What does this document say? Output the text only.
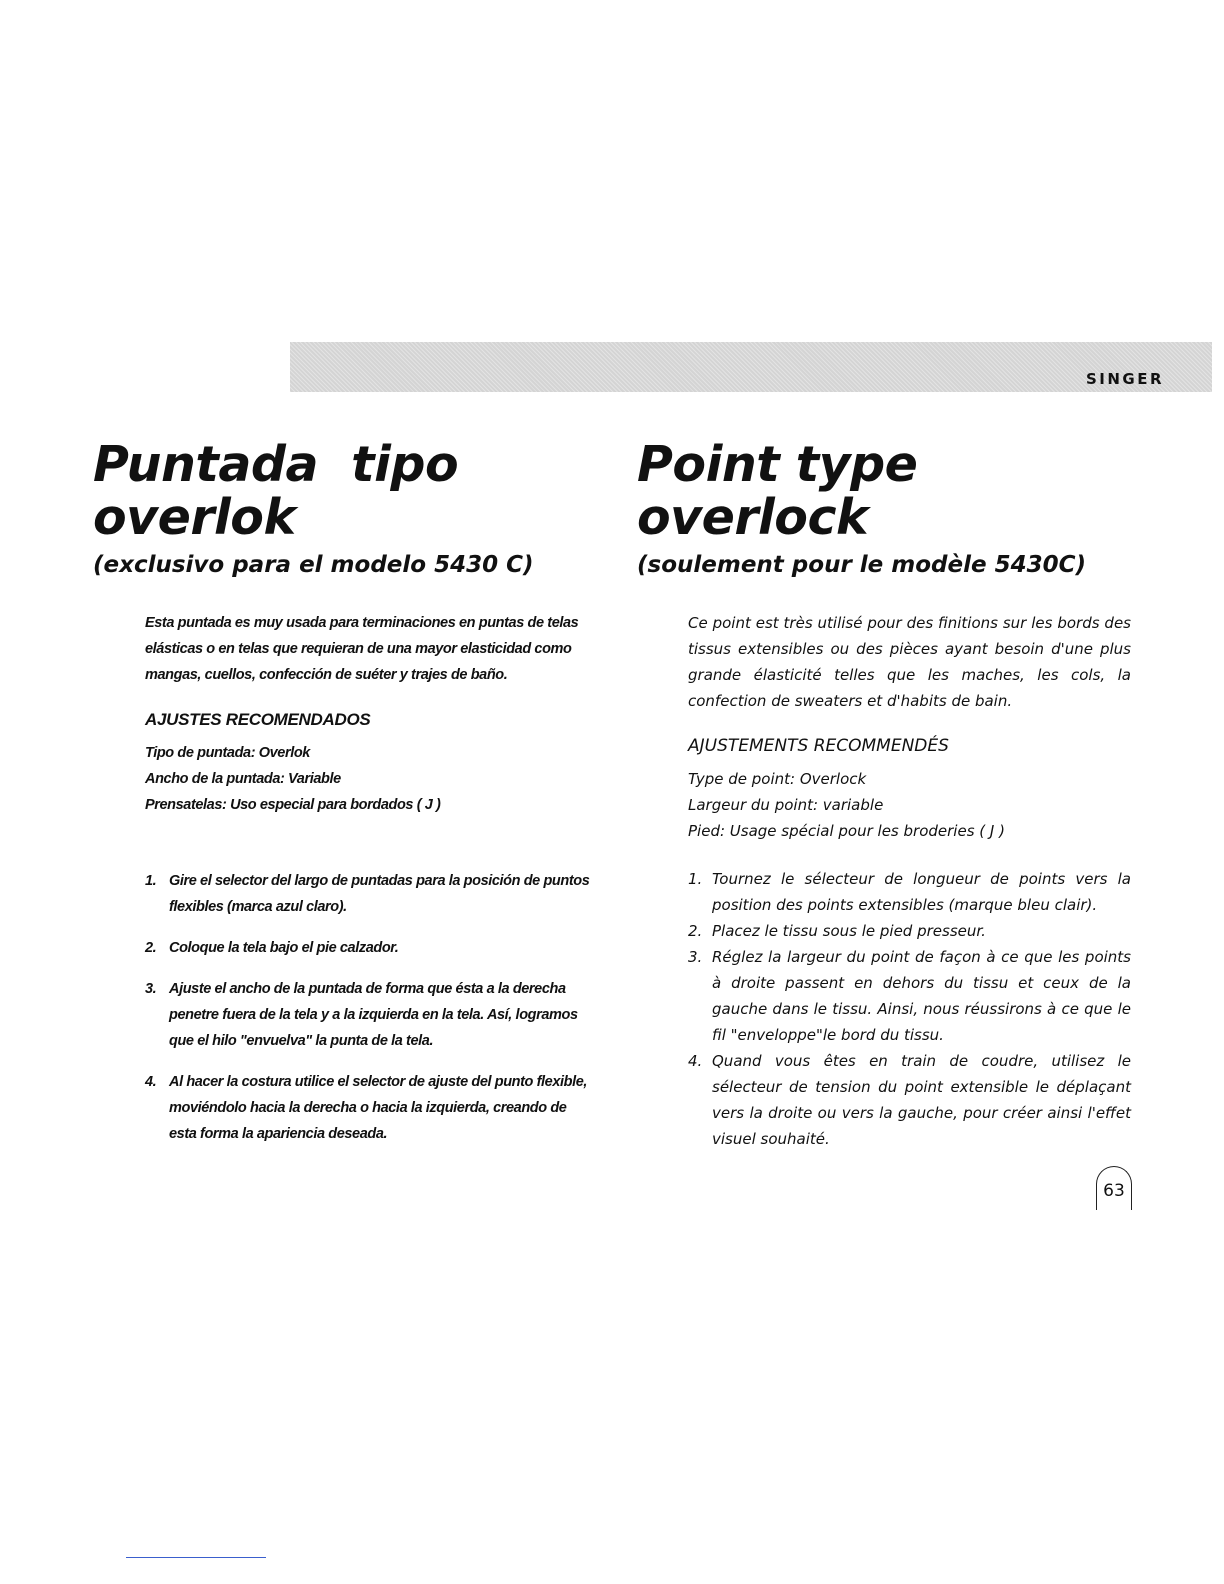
SINGER
Puntada  tipo
overlok

(exclusivo para el modelo 5430 C)

Point type
overlock

(soulement pour le modèle 5430C)

Esta puntada es muy usada para terminaciones en puntas de telas elásticas o en telas que requieran de una mayor elasticidad como mangas, cuellos, confección de suéter y trajes de baño.

AJUSTES RECOMENDADOS
Tipo de puntada: Overlok
Ancho de la puntada: Variable
Prensatelas: Uso especial para bordados ( J )
1. Gire el selector del largo de puntadas para la posición de puntos flexibles (marca azul claro).
2. Coloque la tela bajo el pie calzador.
3. Ajuste el ancho de la puntada de forma que ésta a la derecha penetre fuera de la tela y a la izquierda en la tela. Así, logramos que el hilo "envuelva" la punta de la tela.
4. Al hacer la costura utilice el selector de ajuste del punto flexible, moviéndolo hacia la derecha o hacia la izquierda, creando de esta forma la apariencia deseada.

Ce point est très utilisé pour des finitions sur les bords des tissus extensibles ou des pièces ayant besoin d'une plus grande élasticité telles que les maches, les cols, la confection de sweaters et d'habits de bain.

AJUSTEMENTS RECOMMENDÉS
Type de point: Overlock
Largeur du point: variable
Pied: Usage spécial pour les broderies ( J )
1. Tournez le sélecteur de longueur de points vers la position des points extensibles (marque bleu clair).
2. Placez le tissu sous le pied presseur.
3. Réglez la largeur du point de façon à ce que les points à droite passent en dehors du tissu et ceux de la gauche dans le tissu. Ainsi, nous réussirons à ce que le fil "enveloppe"le bord du tissu.
4. Quand vous êtes en train de coudre, utilisez le sélecteur de tension du point extensible le déplaçant vers la droite ou vers la gauche, pour créer ainsi l'effet visuel souhaité.
63
